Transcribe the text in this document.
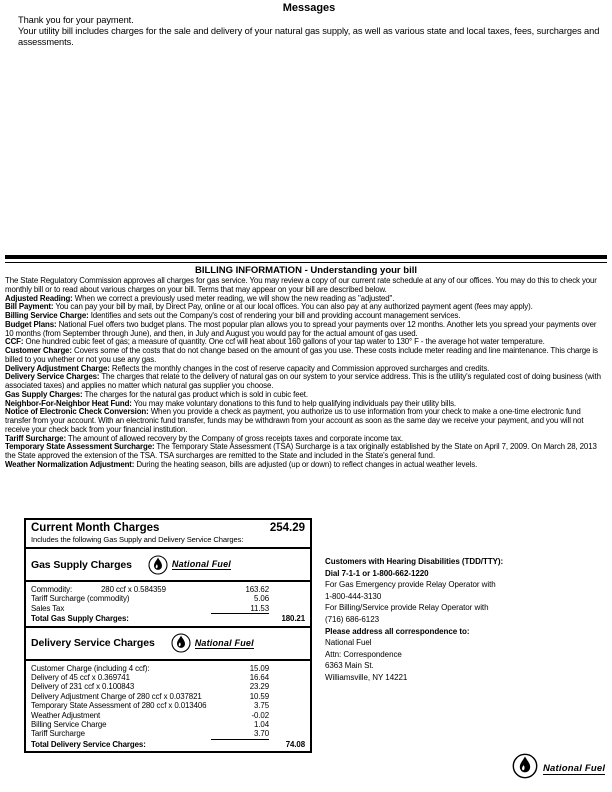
Messages

Thank you for your payment.

Your utility bill includes charges for the sale and delivery of your natural gas supply, as well as various state and local taxes, fees, surcharges and assessments.

BILLING INFORMATION - Understanding your bill

The State Regulatory Commission approves all charges for gas service. You may review a copy of our current rate schedule at any of our offices. You may do this to check your monthly bill or to read about various charges on your bill. Terms that may appear on your bill are described below.

Adjusted Reading: When we correct a previously used meter reading, we will show the new reading as "adjusted".

Bill Payment: You can pay your bill by mail, by Direct Pay, online or at our local offices. You can also pay at any authorized payment agent (fees may apply).

Billing Service Charge: Identifies and sets out the Company's cost of rendering your bill and providing account management services.

Budget Plans: National Fuel offers two budget plans. The most popular plan allows you to spread your payments over 12 months. Another lets you spread your payments over 10 months (from September through June), and then, in July and August you would pay for the actual amount of gas used.

CCF: One hundred cubic feet of gas; a measure of quantity. One ccf will heat about 160 gallons of your tap water to 130° F - the average hot water temperature.

Customer Charge: Covers some of the costs that do not change based on the amount of gas you use. These costs include meter reading and line maintenance. This charge is billed to you whether or not you use any gas.

Delivery Adjustment Charge: Reflects the monthly changes in the cost of reserve capacity and Commission approved surcharges and credits.

Delivery Service Charges: The charges that relate to the delivery of natural gas on our system to your service address. This is the utility's regulated cost of doing business (with associated taxes) and applies no matter which natural gas supplier you choose.

Gas Supply Charges: The charges for the natural gas product which is sold in cubic feet.

Neighbor-For-Neighbor Heat Fund: You may make voluntary donations to this fund to help qualifying individuals pay their utility bills.

Notice of Electronic Check Conversion: When you provide a check as payment, you authorize us to use information from your check to make a one-time electronic fund transfer from your account. With an electronic fund transfer, funds may be withdrawn from your account as soon as the same day we receive your payment, and you will not receive your check back from your financial institution.

Tariff Surcharge: The amount of allowed recovery by the Company of gross receipts taxes and corporate income tax.

Temporary State Assessment Surcharge: The Temporary State Assessment (TSA) Surcharge is a tax originally established by the State on April 7, 2009. On March 28, 2013 the State approved the extension of the TSA. TSA surcharges are remitted to the State and included in the State's general fund.

Weather Normalization Adjustment: During the heating season, bills are adjusted (up or down) to reflect changes in actual weather levels.

Current Month Charges	254.29
Includes the following Gas Supply and Delivery Service Charges:
Gas Supply Charges	National Fuel
Commodity:	280 ccf x 0.584359	163.62
Tariff Surcharge (commodity)	5.06
Sales Tax	11.53
Total Gas Supply Charges:	180.21
Delivery Service Charges	National Fuel
Customer Charge (including 4 ccf):	15.09
Delivery of 45 ccf x 0.369741	16.64
Delivery of 231 ccf x 0.100843	23.29
Delivery Adjustment Charge of 280 ccf x 0.037821	10.59
Temporary State Assessment of 280 ccf x 0.013406	3.75
Weather Adjustment	-0.02
Billing Service Charge	1.04
Tariff Surcharge	3.70
Total Delivery Service Charges:	74.08
Customers with Hearing Disabilities (TDD/TTY):
Dial 7-1-1 or 1-800-662-1220
For Gas Emergency provide Relay Operator with
1-800-444-3130
For Billing/Service provide Relay Operator with
(716) 686-6123
Please address all correspondence to:
National Fuel
Attn: Correspondence
6363 Main St.
Williamsville, NY 14221
National Fuel
